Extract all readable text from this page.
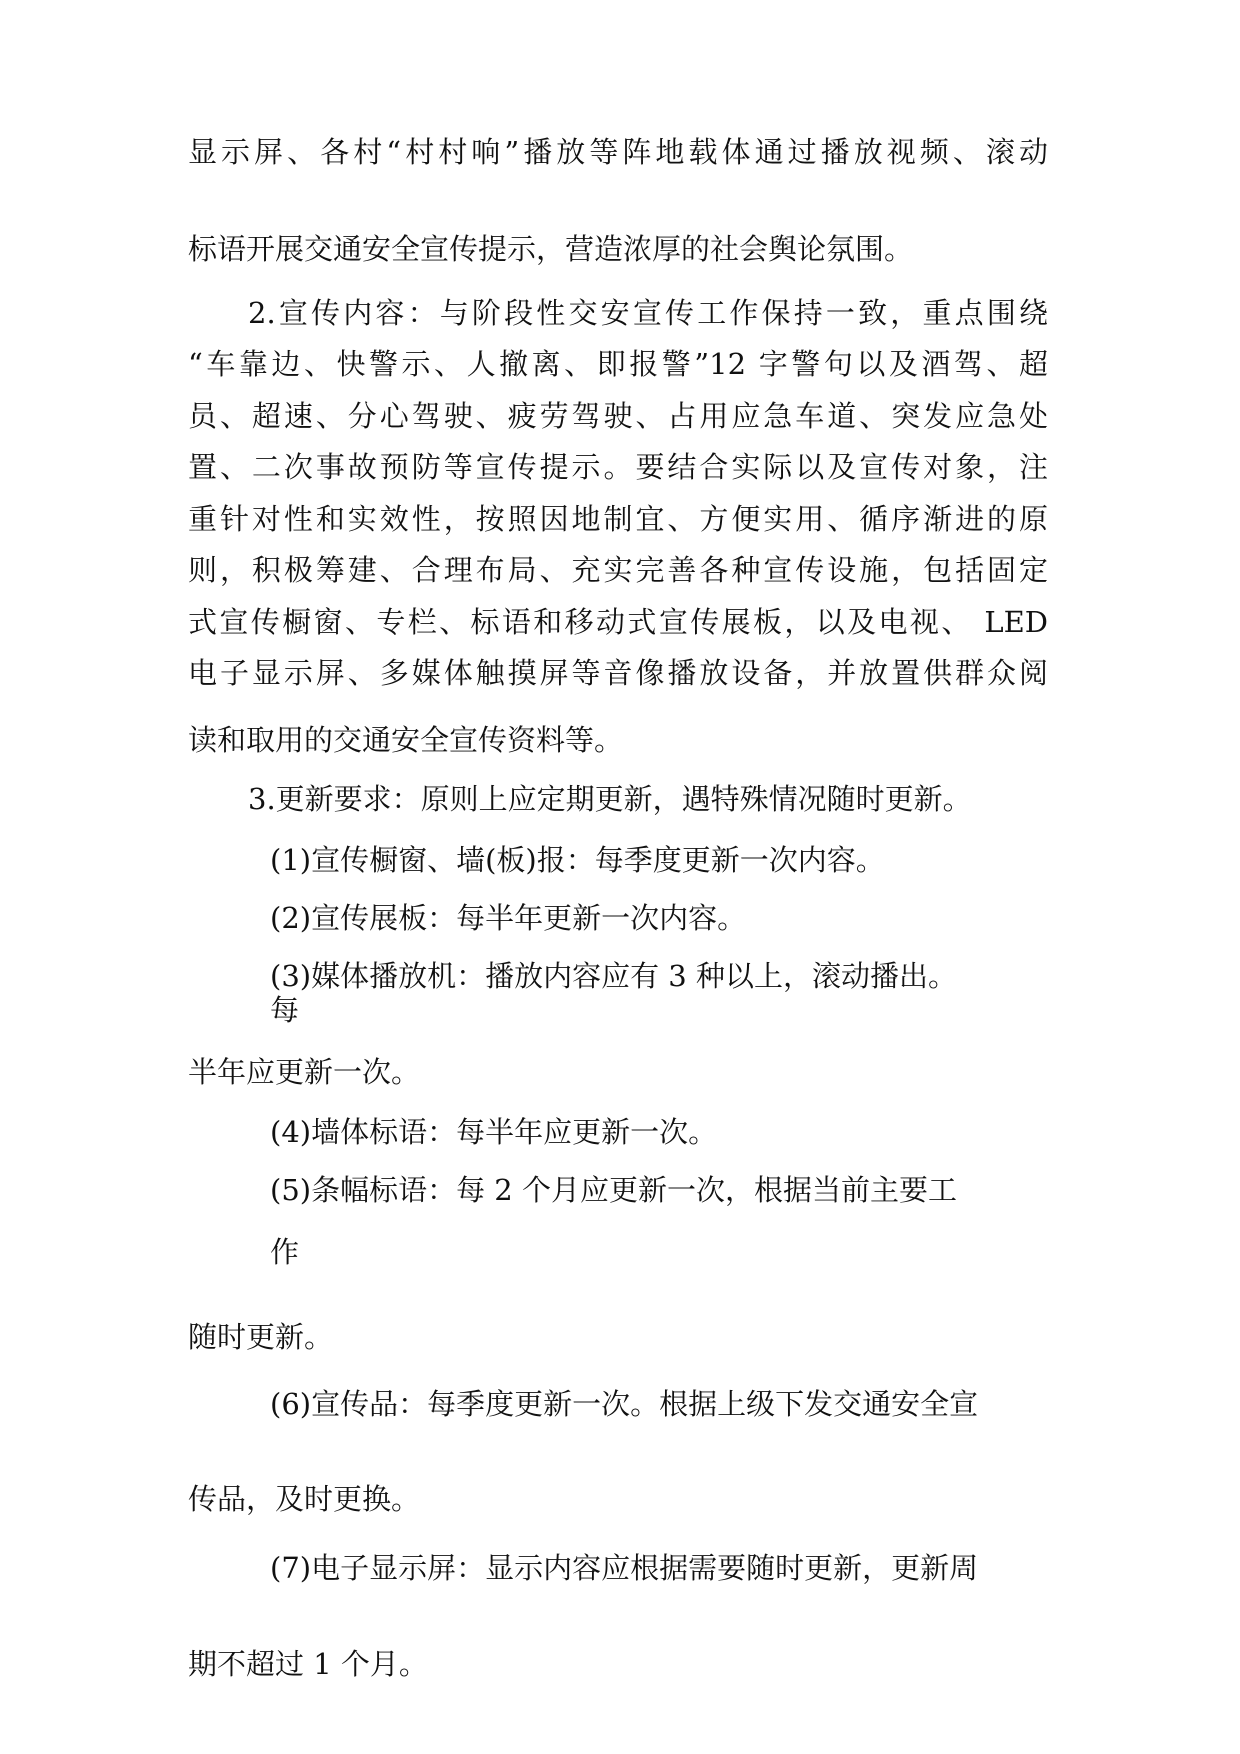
显示屏、各村“村村响”播放等阵地载体通过播放视频、滚动
标语开展交通安全宣传提示，营造浓厚的社会舆论氛围。
2.宣传内容：与阶段性交安宣传工作保持一致，重点围绕
“车靠边、快警示、人撤离、即报警”12 字警句以及酒驾、超
员、超速、分心驾驶、疲劳驾驶、占用应急车道、突发应急处
置、二次事故预防等宣传提示。要结合实际以及宣传对象，注
重针对性和实效性，按照因地制宜、方便实用、循序渐进的原
则，积极筹建、合理布局、充实完善各种宣传设施，包括固定
式宣传橱窗、专栏、标语和移动式宣传展板，以及电视、 LED
电子显示屏、多媒体触摸屏等音像播放设备，并放置供群众阅
读和取用的交通安全宣传资料等。
3.更新要求：原则上应定期更新，遇特殊情况随时更新。
(1)宣传橱窗、墙(板)报：每季度更新一次内容。
(2)宣传展板：每半年更新一次内容。
(3)媒体播放机：播放内容应有 3 种以上，滚动播出。
每
半年应更新一次。
(4)墙体标语：每半年应更新一次。
(5)条幅标语：每 2 个月应更新一次，根据当前主要工
作
随时更新。
(6)宣传品：每季度更新一次。根据上级下发交通安全宣
传品，及时更换。
(7)电子显示屏：显示内容应根据需要随时更新，更新周
期不超过 1 个月。
